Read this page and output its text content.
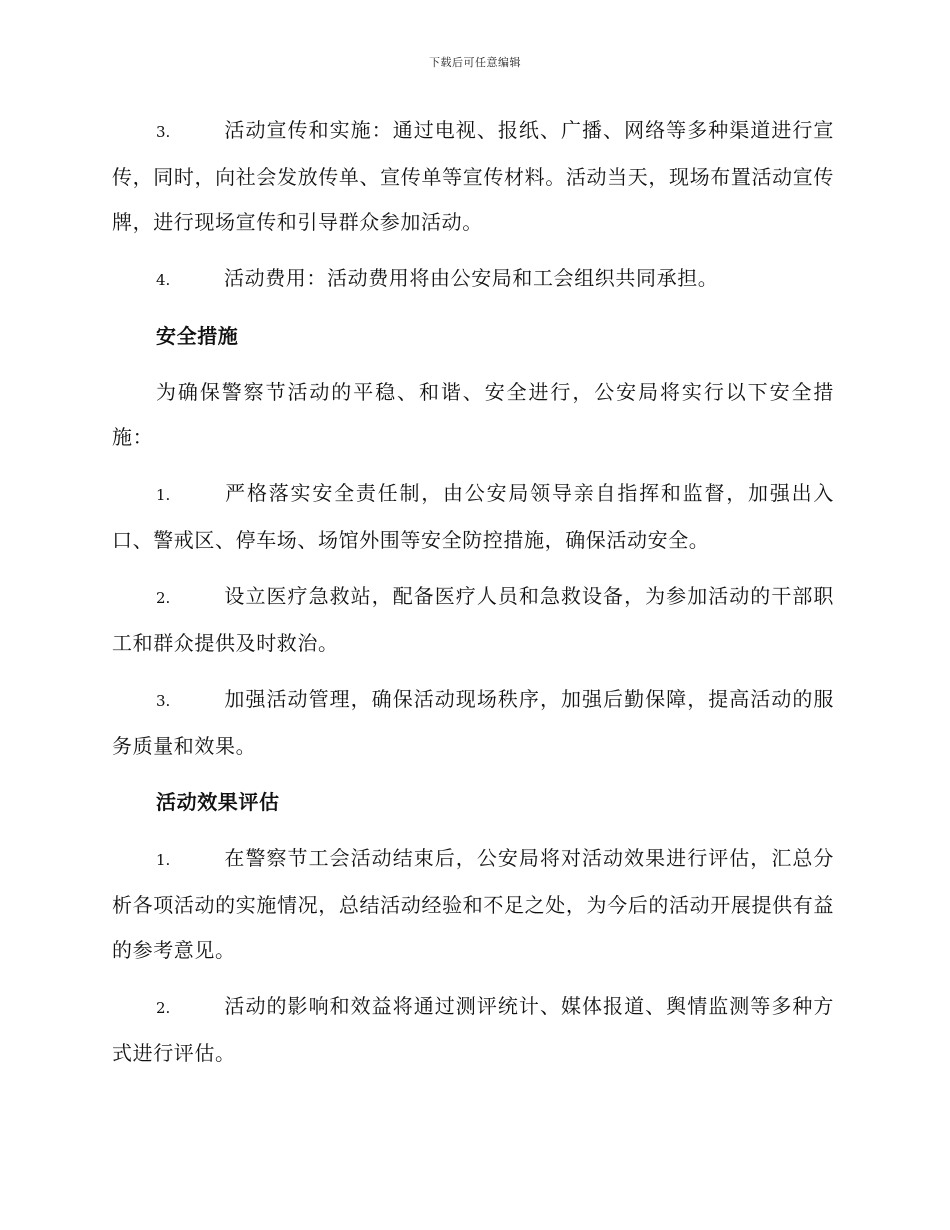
下载后可任意编辑

3.	活动宣传和实施：通过电视、报纸、广播、网络等多种渠道进行宣传，同时，向社会发放传单、宣传单等宣传材料。活动当天，现场布置活动宣传牌，进行现场宣传和引导群众参加活动。

4.	活动费用：活动费用将由公安局和工会组织共同承担。

安全措施

为确保警察节活动的平稳、和谐、安全进行，公安局将实行以下安全措施：

1.	严格落实安全责任制，由公安局领导亲自指挥和监督，加强出入口、警戒区、停车场、场馆外围等安全防控措施，确保活动安全。

2.	设立医疗急救站，配备医疗人员和急救设备，为参加活动的干部职工和群众提供及时救治。

3.	加强活动管理，确保活动现场秩序，加强后勤保障，提高活动的服务质量和效果。

活动效果评估

1.	在警察节工会活动结束后，公安局将对活动效果进行评估，汇总分析各项活动的实施情况，总结活动经验和不足之处，为今后的活动开展提供有益的参考意见。

2.	活动的影响和效益将通过测评统计、媒体报道、舆情监测等多种方式进行评估。
